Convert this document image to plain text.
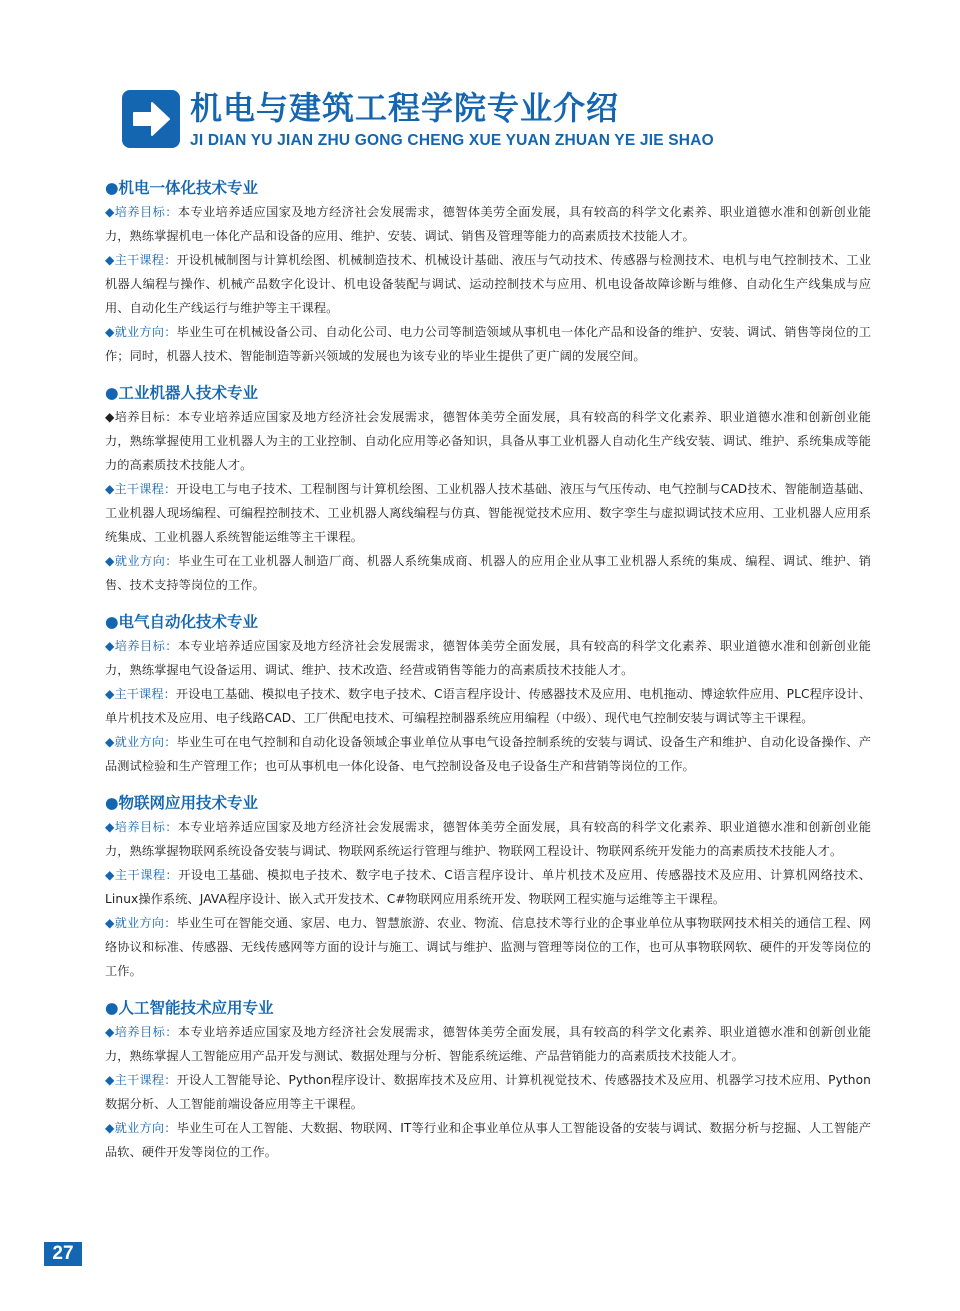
机电与建筑工程学院专业介绍
JI DIAN YU JIAN ZHU GONG CHENG XUE YUAN ZHUAN YE JIE SHAO
●机电一体化技术专业

◆培养目标：本专业培养适应国家及地方经济社会发展需求，德智体美劳全面发展，具有较高的科学文化素养、职业道德水准和创新创业能力，熟练掌握机电一体化产品和设备的应用、维护、安装、调试、销售及管理等能力的高素质技术技能人才。

◆主干课程：开设机械制图与计算机绘图、机械制造技术、机械设计基础、液压与气动技术、传感器与检测技术、电机与电气控制技术、工业机器人编程与操作、机械产品数字化设计、机电设备装配与调试、运动控制技术与应用、机电设备故障诊断与维修、自动化生产线集成与应用、自动化生产线运行与维护等主干课程。

◆就业方向：毕业生可在机械设备公司、自动化公司、电力公司等制造领域从事机电一体化产品和设备的维护、安装、调试、销售等岗位的工作；同时，机器人技术、智能制造等新兴领域的发展也为该专业的毕业生提供了更广阔的发展空间。

●工业机器人技术专业

◆培养目标：本专业培养适应国家及地方经济社会发展需求，德智体美劳全面发展，具有较高的科学文化素养、职业道德水准和创新创业能力，熟练掌握使用工业机器人为主的工业控制、自动化应用等必备知识，具备从事工业机器人自动化生产线安装、调试、维护、系统集成等能力的高素质技术技能人才。

◆主干课程：开设电工与电子技术、工程制图与计算机绘图、工业机器人技术基础、液压与气压传动、电气控制与CAD技术、智能制造基础、工业机器人现场编程、可编程控制技术、工业机器人离线编程与仿真、智能视觉技术应用、数字孪生与虚拟调试技术应用、工业机器人应用系统集成、工业机器人系统智能运维等主干课程。

◆就业方向：毕业生可在工业机器人制造厂商、机器人系统集成商、机器人的应用企业从事工业机器人系统的集成、编程、调试、维护、销售、技术支持等岗位的工作。

●电气自动化技术专业

◆培养目标：本专业培养适应国家及地方经济社会发展需求，德智体美劳全面发展，具有较高的科学文化素养、职业道德水准和创新创业能力，熟练掌握电气设备运用、调试、维护、技术改造、经营或销售等能力的高素质技术技能人才。

◆主干课程：开设电工基础、模拟电子技术、数字电子技术、C语言程序设计、传感器技术及应用、电机拖动、博途软件应用、PLC程序设计、单片机技术及应用、电子线路CAD、工厂供配电技术、可编程控制器系统应用编程（中级）、现代电气控制安装与调试等主干课程。

◆就业方向：毕业生可在电气控制和自动化设备领域企事业单位从事电气设备控制系统的安装与调试、设备生产和维护、自动化设备操作、产品测试检验和生产管理工作；也可从事机电一体化设备、电气控制设备及电子设备生产和营销等岗位的工作。

●物联网应用技术专业

◆培养目标：本专业培养适应国家及地方经济社会发展需求，德智体美劳全面发展，具有较高的科学文化素养、职业道德水准和创新创业能力，熟练掌握物联网系统设备安装与调试、物联网系统运行管理与维护、物联网工程设计、物联网系统开发能力的高素质技术技能人才。

◆主干课程：开设电工基础、模拟电子技术、数字电子技术、C语言程序设计、单片机技术及应用、传感器技术及应用、计算机网络技术、Linux操作系统、JAVA程序设计、嵌入式开发技术、C#物联网应用系统开发、物联网工程实施与运维等主干课程。

◆就业方向：毕业生可在智能交通、家居、电力、智慧旅游、农业、物流、信息技术等行业的企事业单位从事物联网技术相关的通信工程、网络协议和标准、传感器、无线传感网等方面的设计与施工、调试与维护、监测与管理等岗位的工作，也可从事物联网软、硬件的开发等岗位的工作。

●人工智能技术应用专业

◆培养目标：本专业培养适应国家及地方经济社会发展需求，德智体美劳全面发展，具有较高的科学文化素养、职业道德水准和创新创业能力，熟练掌握人工智能应用产品开发与测试、数据处理与分析、智能系统运维、产品营销能力的高素质技术技能人才。

◆主干课程：开设人工智能导论、Python程序设计、数据库技术及应用、计算机视觉技术、传感器技术及应用、机器学习技术应用、Python数据分析、人工智能前端设备应用等主干课程。

◆就业方向：毕业生可在人工智能、大数据、物联网、IT等行业和企事业单位从事人工智能设备的安装与调试、数据分析与挖掘、人工智能产品软、硬件开发等岗位的工作。

27
